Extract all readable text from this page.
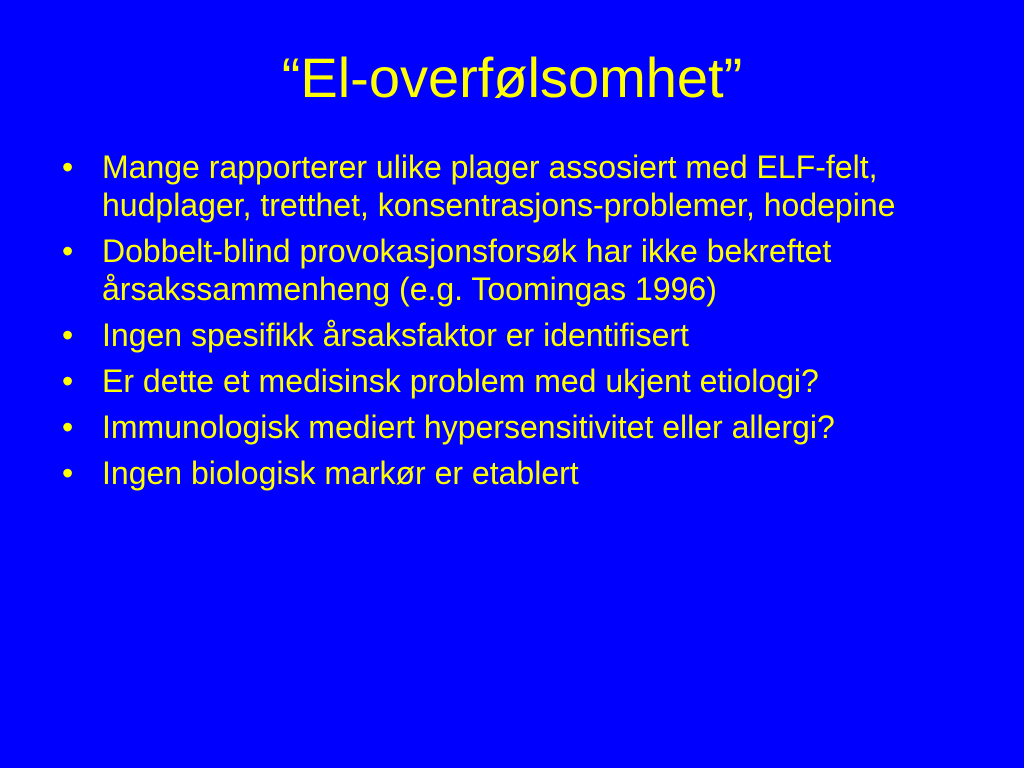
“El-overfølsomhet”
• Mange rapporterer ulike plager assosiert med ELF-felt, hudplager, tretthet, konsentrasjons-problemer, hodepine
• Dobbelt-blind provokasjonsforsøk har ikke bekreftet årsakssammenheng (e.g. Toomingas 1996)
• Ingen spesifikk årsaksfaktor er identifisert
• Er dette et medisinsk problem med ukjent etiologi?
• Immunologisk mediert hypersensitivitet eller allergi?
• Ingen biologisk markør er etablert
